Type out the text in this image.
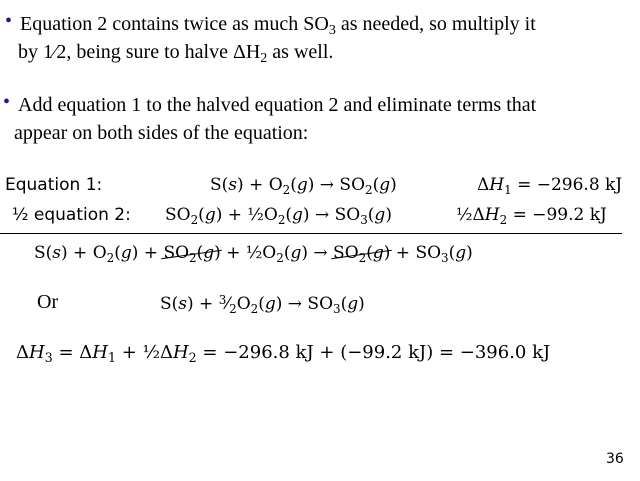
• Equation 2 contains twice as much $SO_3$ as needed, so multiply it
by 1⁄2, being sure to halve $\Delta H_2$ as well.
• Add equation 1 to the halved equation 2 and eliminate terms that
appear on both sides of the equation:
Equation 1:	$S(s) + O_2(g) \to SO_2(g)$	$\Delta H_1 = -296.8$ kJ
½ equation 2: $SO_2(g)$ + $\frac{1}{2}O_2(g) \to SO_3(g)$	$\frac{1}{2}\Delta H_2 = -99.2$ kJ
$S(s) + O_2(g) + SO_2(g)$ + $\frac{1}{2}O_2(g) \to SO_2(g) + SO_3(g)$
Or	$S(s) + ^3⁄_2O_2(g) \to SO_3(g)$
$\Delta H_3 = \Delta H_1$ + $\frac{1}{2}\Delta H_2 = -296.8$ kJ + (−99.2 kJ) = −396.0 kJ
36
